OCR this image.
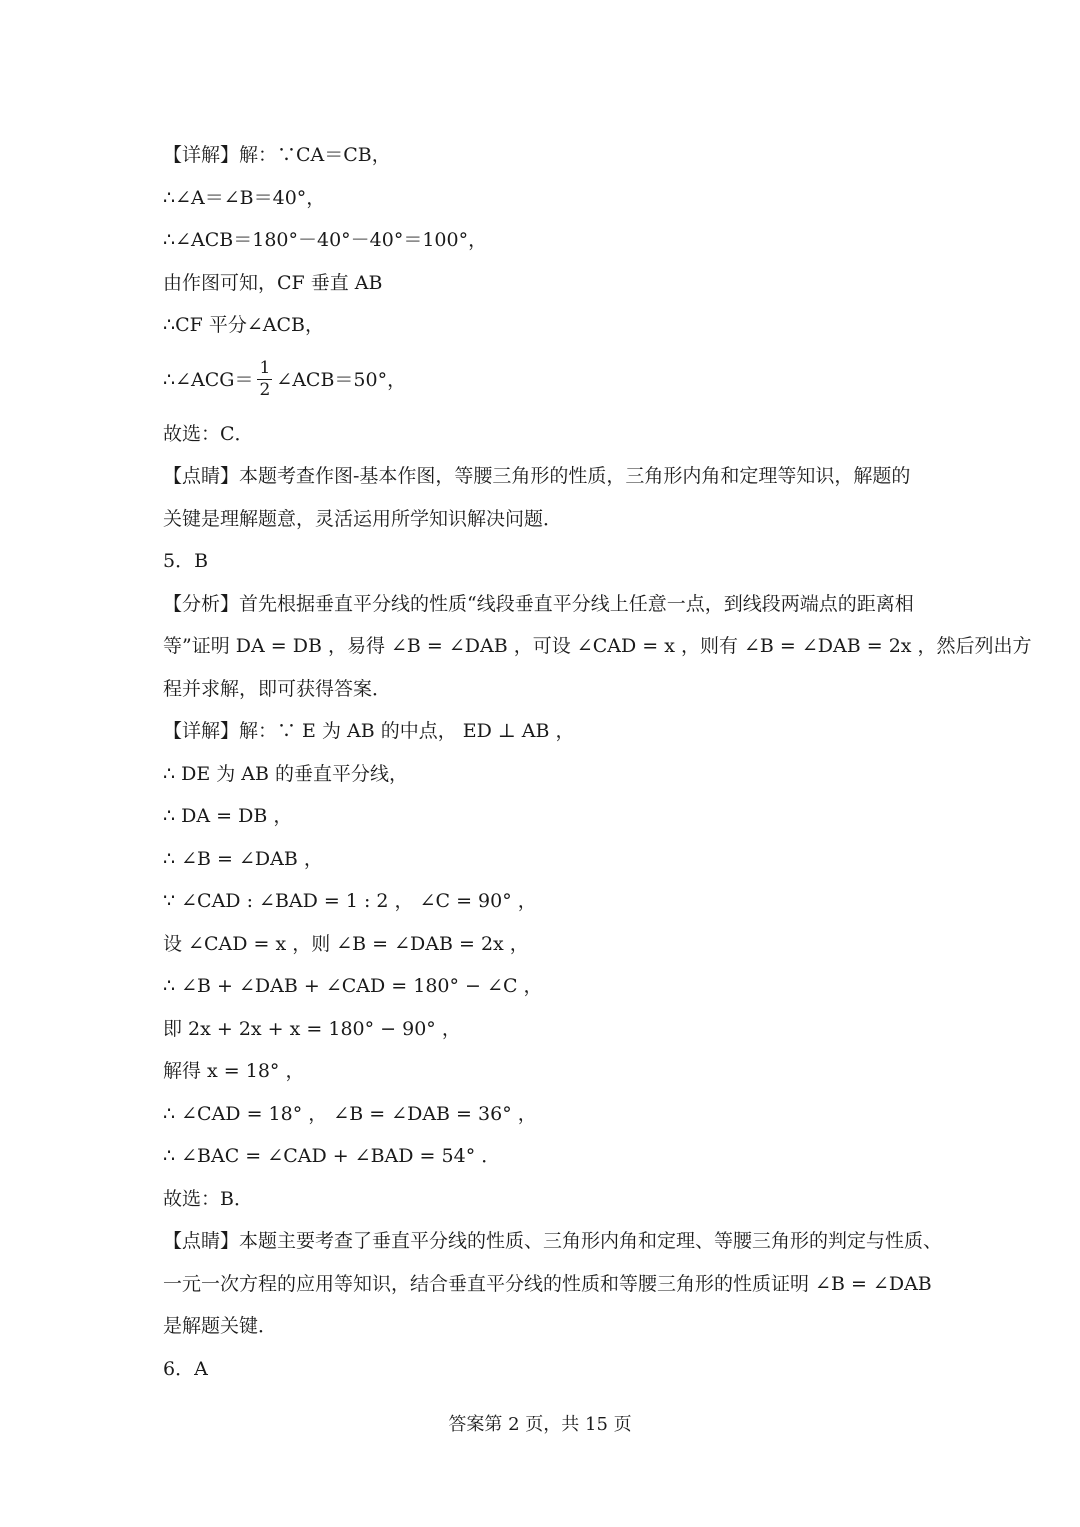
【详解】解：∵CA＝CB，
∴∠A＝∠B＝40°，
∴∠ACB＝180°－40°－40°＝100°，
由作图可知，CF 垂直 AB
∴CF 平分∠ACB，
∴∠ACG＝ $\frac{1}{2}$ ∠ACB＝50°，
故选：C．
【点睛】本题考查作图-基本作图，等腰三角形的性质，三角形内角和定理等知识，解题的
关键是理解题意，灵活运用所学知识解决问题．
5．B
【分析】首先根据垂直平分线的性质“线段垂直平分线上任意一点，到线段两端点的距离相
等”证明 DA = DB ，易得 ∠B = ∠DAB ，可设 ∠CAD = x ，则有 ∠B = ∠DAB = 2x ，然后列出方
程并求解，即可获得答案．
【详解】解：∵ E 为 AB 的中点， ED ⊥ AB ，
∴ DE 为 AB 的垂直平分线，
∴ DA = DB ，
∴ ∠B = ∠DAB ，
∵ ∠CAD : ∠BAD = 1 : 2 ， ∠C = 90° ，
设 ∠CAD = x ，则 ∠B = ∠DAB = 2x ，
∴ ∠B + ∠DAB + ∠CAD = 180° − ∠C ，
即 2x + 2x + x = 180° − 90° ，
解得 x = 18° ，
∴ ∠CAD = 18° ， ∠B = ∠DAB = 36° ，
∴ ∠BAC = ∠CAD + ∠BAD = 54° ．
故选：B．
【点睛】本题主要考查了垂直平分线的性质、三角形内角和定理、等腰三角形的判定与性质、
一元一次方程的应用等知识，结合垂直平分线的性质和等腰三角形的性质证明 ∠B = ∠DAB
是解题关键．
6．A
答案第 2 页，共 15 页
